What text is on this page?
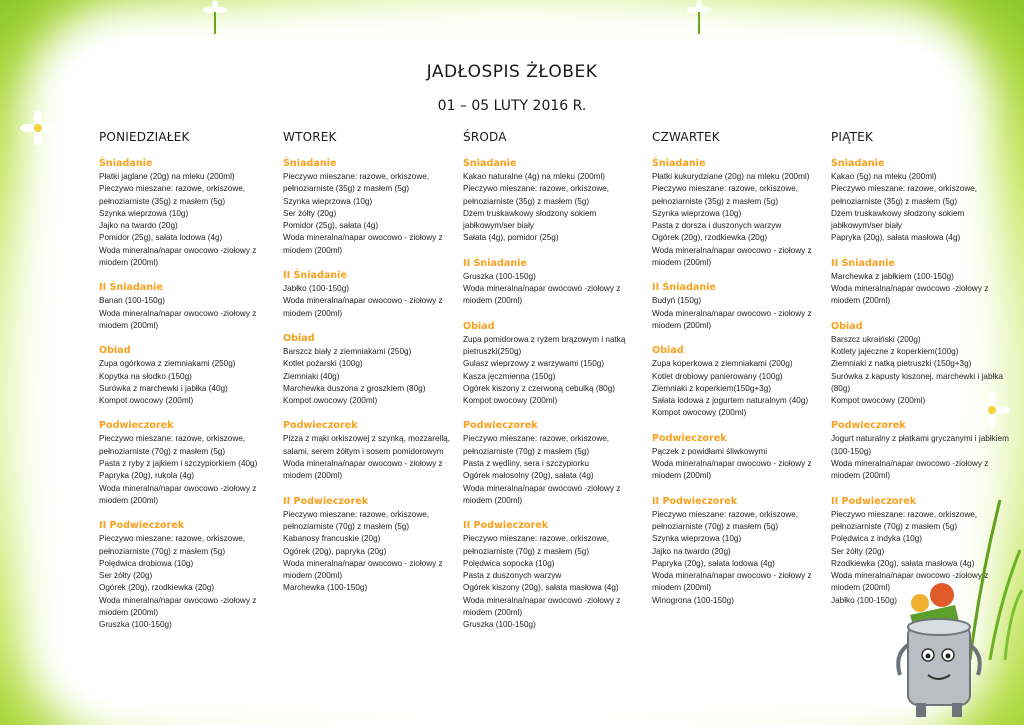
JADŁOSPIS ŻŁOBEK
01 – 05 LUTY 2016 R.
PONIEDZIAŁEK
Śniadanie
Płatki jaglane (20g) na mleku (200ml)
Pieczywo mieszane: razowe, orkiszowe, pełnoziarniste (35g) z masłem (5g)
Szynka wieprzowa (10g)
Jajko na twardo (20g)
Pomidor (25g), sałata lodowa (4g)
Woda mineralna/napar owocowo -ziołowy z miodem (200ml)
II Śniadanie
Banan (100-150g)
Woda mineralna/napar owocowo -ziołowy z miodem (200ml)
Obiad
Zupa ogórkowa z ziemniakami (250g)
Kopytka na słodko (150g)
Surówka z marchewki i jabłka (40g)
Kompot owocowy (200ml)
Podwieczorek
Pieczywo mieszane: razowe, orkiszowe, pełnoziarniste (70g) z masłem (5g)
Pasta z ryby z jajkiem i szczypiorkiem (40g)
Papryka (20g), rukola (4g)
Woda mineralna/napar owocowo -ziołowy z miodem (200ml)
II Podwieczorek
Pieczywo mieszane: razowe, orkiszowe, pełnoziarniste (70g) z masłem (5g)
Polędwica drobiowa (10g)
Ser żółty (20g)
Ogórek (20g), rzodkiewka (20g)
Woda mineralna/napar owocowo -ziołowy z miodem (200ml)
Gruszka (100-150g)
WTOREK
Śniadanie
Pieczywo mieszane: razowe, orkiszowe, pełnoziarniste (35g) z masłem (5g)
Szynka wieprzowa (10g)
Ser żółty (20g)
Pomidor (25g), sałata (4g)
Woda mineralna/napar owocowo - ziołowy z miodem (200ml)
II Śniadanie
Jabłko (100-150g)
Woda mineralna/napar owocowo - ziołowy z miodem (200ml)
Obiad
Barszcz biały z ziemniakami (250g)
Kotlet pożarski (100g)
Ziemniaki (40g)
Marchewka duszona z groszkiem (80g)
Kompot owocowy (200ml)
Podwieczorek
Pizza z mąki orkiszowej z szynką, mozzarellą, salami, serem żółtym i sosem pomidorowym
Woda mineralna/napar owocowo - ziołowy z miodem (200ml)
II Podwieczorek
Pieczywo mieszane: razowe, orkiszowe, pełnoziarniste (70g) z masłem (5g)
Kabanosy francuskie (20g)
Ogórek (20g), papryka (20g)
Woda mineralna/napar owocowo - ziołowy z miodem (200ml)
Marchewka (100-150g)
ŚRODA
Śniadanie
Kakao naturalne (4g) na mleku (200ml)
Pieczywo mieszane: razowe, orkiszowe, pełnoziarniste (35g) z masłem (5g)
Dżem truskawkowy słodzony sokiem jabłkowym/ser biały
Sałata (4g), pomidor (25g)
II Śniadanie
Gruszka (100-150g)
Woda mineralna/napar owocowo -ziołowy z miodem (200ml)
Obiad
Zupa pomidorowa z ryżem brązowym i natką pietruszki(250g)
Gulasz wieprzowy z warzywami (150g)
Kasza jęczmienna (150g)
Ogórek kiszony z czerwoną cebulką (80g)
Kompot owocowy (200ml)
Podwieczorek
Pieczywo mieszane: razowe, orkiszowe, pełnoziarniste (70g) z masłem (5g)
Pasta z wędliny, sera i szczypiorku
Ogórek małosolny (20g), sałata (4g)
Woda mineralna/napar owocowo -ziołowy z miodem (200ml)
II Podwieczorek
Pieczywo mieszane: razowe, orkiszowe, pełnoziarniste (70g) z masłem (5g)
Polędwica sopocka (10g)
Pasta z duszonych warzyw
Ogórek kiszony (20g), sałata masłowa (4g)
Woda mineralna/napar owocowo -ziołowy z miodem (200ml)
Gruszka (100-150g)
CZWARTEK
Śniadanie
Płatki kukurydziane (20g) na mleku (200ml)
Pieczywo mieszane: razowe, orkiszowe, pełnoziarniste (35g) z masłem (5g)
Szynka wieprzowa (10g)
Pasta z dorsza i duszonych warzyw
Ogórek (20g), rzodkiewka (20g)
Woda mineralna/napar owocowo - ziołowy z miodem (200ml)
II Śniadanie
Budyń (150g)
Woda mineralna/napar owocowo - ziołowy z miodem (200ml)
Obiad
Zupa koperkowa z ziemniakami (200g)
Kotlet drobiowy panierowany (100g)
Ziemniaki z koperkiem(150g+3g)
Sałata lodowa z jogurtem naturalnym (40g)
Kompot owocowy (200ml)
Podwieczorek
Pączek z powidłami śliwkowymi
Woda mineralna/napar owocowo - ziołowy z miodem (200ml)
II Podwieczorek
Pieczywo mieszane: razowe, orkiszowe, pełnoziarniste (70g) z masłem (5g)
Szynka wieprzowa (10g)
Jajko na twardo (20g)
Papryka (20g), sałata lodowa (4g)
Woda mineralna/napar owocowo - ziołowy z miodem (200ml)
Winogrona (100-150g)
PIĄTEK
Śniadanie
Kakao (5g) na mleku (200ml)
Pieczywo mieszane: razowe, orkiszowe, pełnoziarniste (35g) z masłem (5g)
Dżem truskawkowy słodzony sokiem jabłkowym/ser biały
Papryka (20g), sałata masłowa (4g)
II Śniadanie
Marchewka z jabłkiem (100-150g)
Woda mineralna/napar owocowo -ziołowy z miodem (200ml)
Obiad
Barszcz ukraiński (200g)
Kotlety jajeczne z koperkiem(100g)
Ziemniaki z natką pietruszki (150g+3g)
Surówka z kapusty kiszonej, marchewki i jabłka (80g)
Kompot owocowy (200ml)
Podwieczorek
Jogurt naturalny z płatkami gryczanymi i jabłkiem (100-150g)
Woda mineralna/napar owocowo -ziołowy z miodem (200ml)
II Podwieczorek
Pieczywo mieszane: razowe, orkiszowe, pełnoziarniste (70g) z masłem (5g)
Polędwica z indyka (10g)
Ser żółty (20g)
Rzodkiewka (20g), sałata masłowa (4g)
Woda mineralna/napar owocowo -ziołowy z miodem (200ml)
Jabłko (100-150g)
